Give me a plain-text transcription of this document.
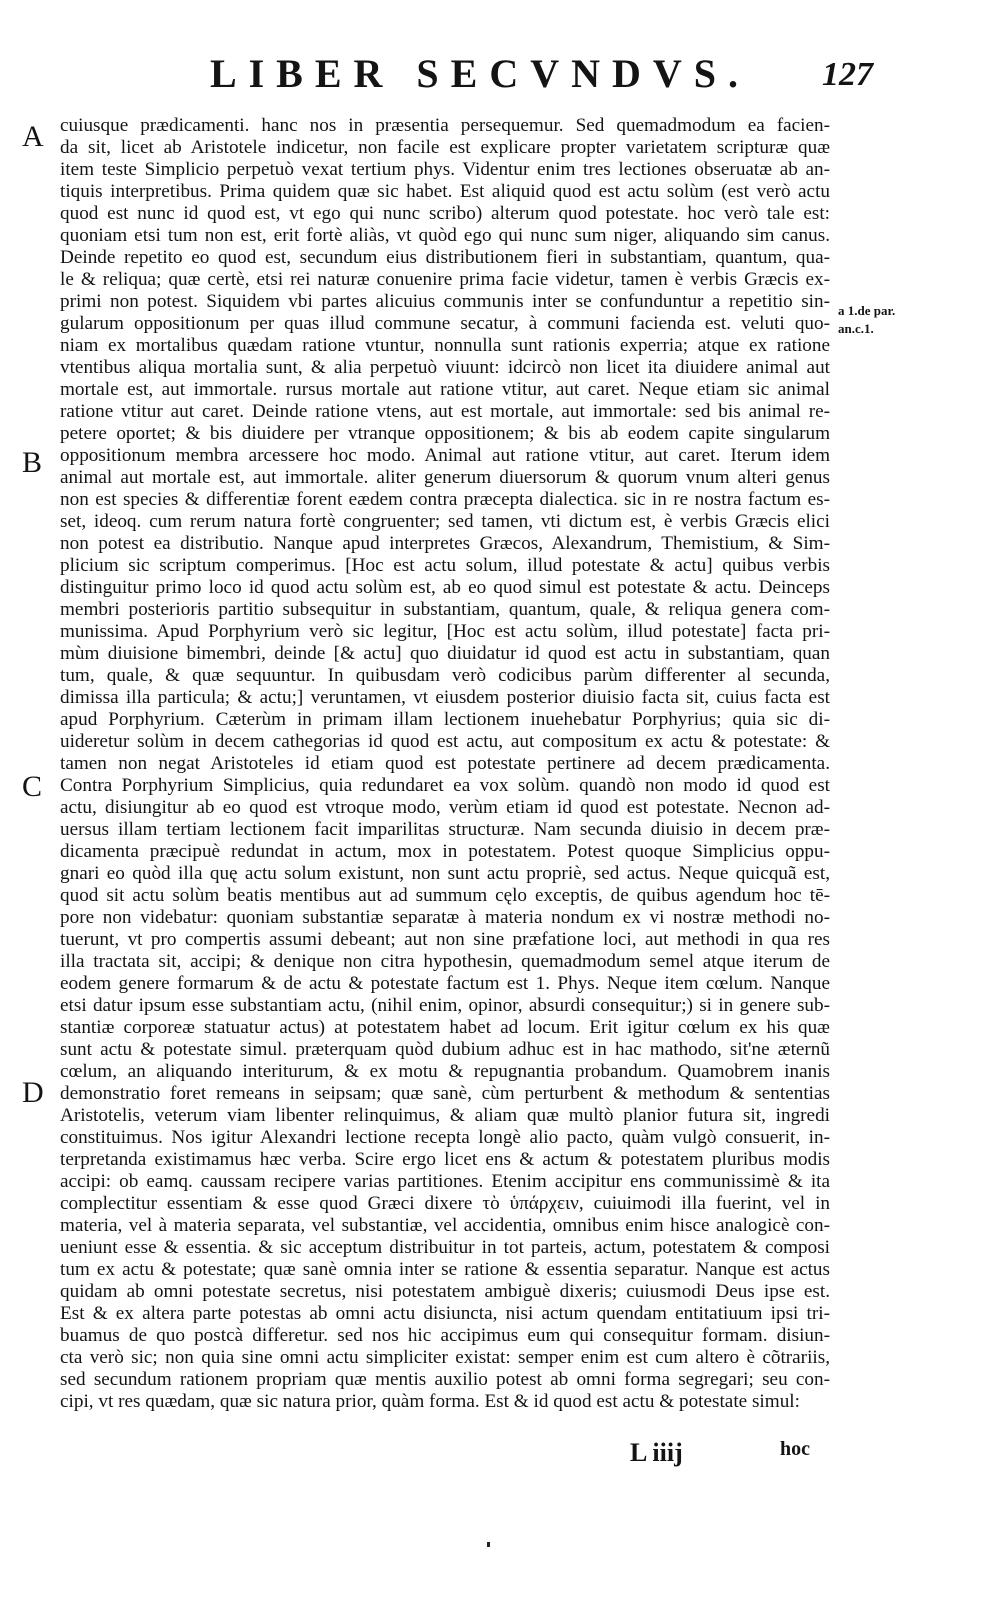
LIBER SECVNDVS.	127
A
B
C
D
a 1.de par.
an.c.1.
cuiusque prædicamenti. hanc nos in præsentia persequemur. Sed quemadmodum ea facien-
da sit, licet ab Aristotele indicetur, non facile est explicare propter varietatem scripturæ quæ
item teste Simplicio perpetuò vexat tertium phys. Videntur enim tres lectiones obseruatæ ab an-
tiquis interpretibus. Prima quidem quæ sic habet. Est aliquid quod est actu solùm (est verò actu
quod est nunc id quod est, vt ego qui nunc scribo) alterum quod potestate. hoc verò tale est:
quoniam etsi tum non est, erit fortè aliàs, vt quòd ego qui nunc sum niger, aliquando sim canus.
Deinde repetito eo quod est, secundum eius distributionem fieri in substantiam, quantum, qua-
le & reliqua; quæ certè, etsi rei naturæ conuenire prima facie videtur, tamen è verbis Græcis ex-
primi non potest. Siquidem vbi partes alicuius communis inter se confunduntur a repetitio sin-
gularum oppositionum per quas illud commune secatur, à communi facienda est. veluti quo-
niam ex mortalibus quædam ratione vtuntur, nonnulla sunt rationis experria; atque ex ratione
vtentibus aliqua mortalia sunt, & alia perpetuò viuunt: idcircò non licet ita diuidere animal aut
mortale est, aut immortale. rursus mortale aut ratione vtitur, aut caret. Neque etiam sic animal
ratione vtitur aut caret. Deinde ratione vtens, aut est mortale, aut immortale: sed bis animal re-
petere oportet; & bis diuidere per vtranque oppositionem; & bis ab eodem capite singularum
oppositionum membra arcessere hoc modo. Animal aut ratione vtitur, aut caret. Iterum idem
animal aut mortale est, aut immortale. aliter generum diuersorum & quorum vnum alteri genus
non est species & differentiæ forent eædem contra præcepta dialectica. sic in re nostra factum es-
set, ideoq. cum rerum natura fortè congruenter; sed tamen, vti dictum est, è verbis Græcis elici
non potest ea distributio. Nanque apud interpretes Græcos, Alexandrum, Themistium, & Sim-
plicium sic scriptum comperimus. [Hoc est actu solum, illud potestate & actu] quibus verbis
distinguitur primo loco id quod actu solùm est, ab eo quod simul est potestate & actu. Deinceps
membri posterioris partitio subsequitur in substantiam, quantum, quale, & reliqua genera com-
munissima. Apud Porphyrium verò sic legitur, [Hoc est actu solùm, illud potestate] facta pri-
mùm diuisione bimembri, deinde [& actu] quo diuidatur id quod est actu in substantiam, quan
tum, quale, & quæ sequuntur. In quibusdam verò codicibus parùm differenter al secunda,
dimissa illa particula; & actu;] veruntamen, vt eiusdem posterior diuisio facta sit, cuius facta est
apud Porphyrium. Cæterùm in primam illam lectionem inuehebatur Porphyrius; quia sic di-
uideretur solùm in decem cathegorias id quod est actu, aut compositum ex actu & potestate: &
tamen non negat Aristoteles id etiam quod est potestate pertinere ad decem prædicamenta.
Contra Porphyrium Simplicius, quia redundaret ea vox solùm. quandò non modo id quod est
actu, disiungitur ab eo quod est vtroque modo, verùm etiam id quod est potestate. Necnon ad-
uersus illam tertiam lectionem facit imparilitas structuræ. Nam secunda diuisio in decem præ-
dicamenta præcipuè redundat in actum, mox in potestatem. Potest quoque Simplicius oppu-
gnari eo quòd illa quę actu solum existunt, non sunt actu propriè, sed actus. Neque quicquã est,
quod sit actu solùm beatis mentibus aut ad summum cęlo exceptis, de quibus agendum hoc tē-
pore non videbatur: quoniam substantiæ separatæ à materia nondum ex vi nostræ methodi no-
tuerunt, vt pro compertis assumi debeant; aut non sine præfatione loci, aut methodi in qua res
illa tractata sit, accipi; & denique non citra hypothesin, quemadmodum semel atque iterum de
eodem genere formarum & de actu & potestate factum est 1. Phys. Neque item cœlum. Nanque
etsi datur ipsum esse substantiam actu, (nihil enim, opinor, absurdi consequitur;) si in genere sub-
stantiæ corporeæ statuatur actus) at potestatem habet ad locum. Erit igitur cœlum ex his quæ
sunt actu & potestate simul. præterquam quòd dubium adhuc est in hac mathodo, sit'ne æternũ
cœlum, an aliquando interiturum, & ex motu & repugnantia probandum. Quamobrem inanis
demonstratio foret remeans in seipsam; quæ sanè, cùm perturbent & methodum & sententias
Aristotelis, veterum viam libenter relinquimus, & aliam quæ multò planior futura sit, ingredi
constituimus. Nos igitur Alexandri lectione recepta longè alio pacto, quàm vulgò consuerit, in-
terpretanda existimamus hæc verba. Scire ergo licet ens & actum & potestatem pluribus modis
accipi: ob eamq. caussam recipere varias partitiones. Etenim accipitur ens communissimè & ita
complectitur essentiam & esse quod Græci dixere τὸ ὑπάρχειν, cuiuimodi illa fuerint, vel in
materia, vel à materia separata, vel substantiæ, vel accidentia, omnibus enim hisce analogicè con-
ueniunt esse & essentia. & sic acceptum distribuitur in tot parteis, actum, potestatem & composi
tum ex actu & potestate; quæ sanè omnia inter se ratione & essentia separatur. Nanque est actus
quidam ab omni potestate secretus, nisi potestatem ambiguè dixeris; cuiusmodi Deus ipse est.
Est & ex altera parte potestas ab omni actu disiuncta, nisi actum quendam entitatiuum ipsi tri-
buamus de quo postcà differetur. sed nos hic accipimus eum qui consequitur formam. disiun-
cta verò sic; non quia sine omni actu simpliciter existat: semper enim est cum altero è cõtrariis,
sed secundum rationem propriam quæ mentis auxilio potest ab omni forma segregari; seu con-
cipi, vt res quædam, quæ sic natura prior, quàm forma. Est & id quod est actu & potestate simul:
L iiij	hoc
